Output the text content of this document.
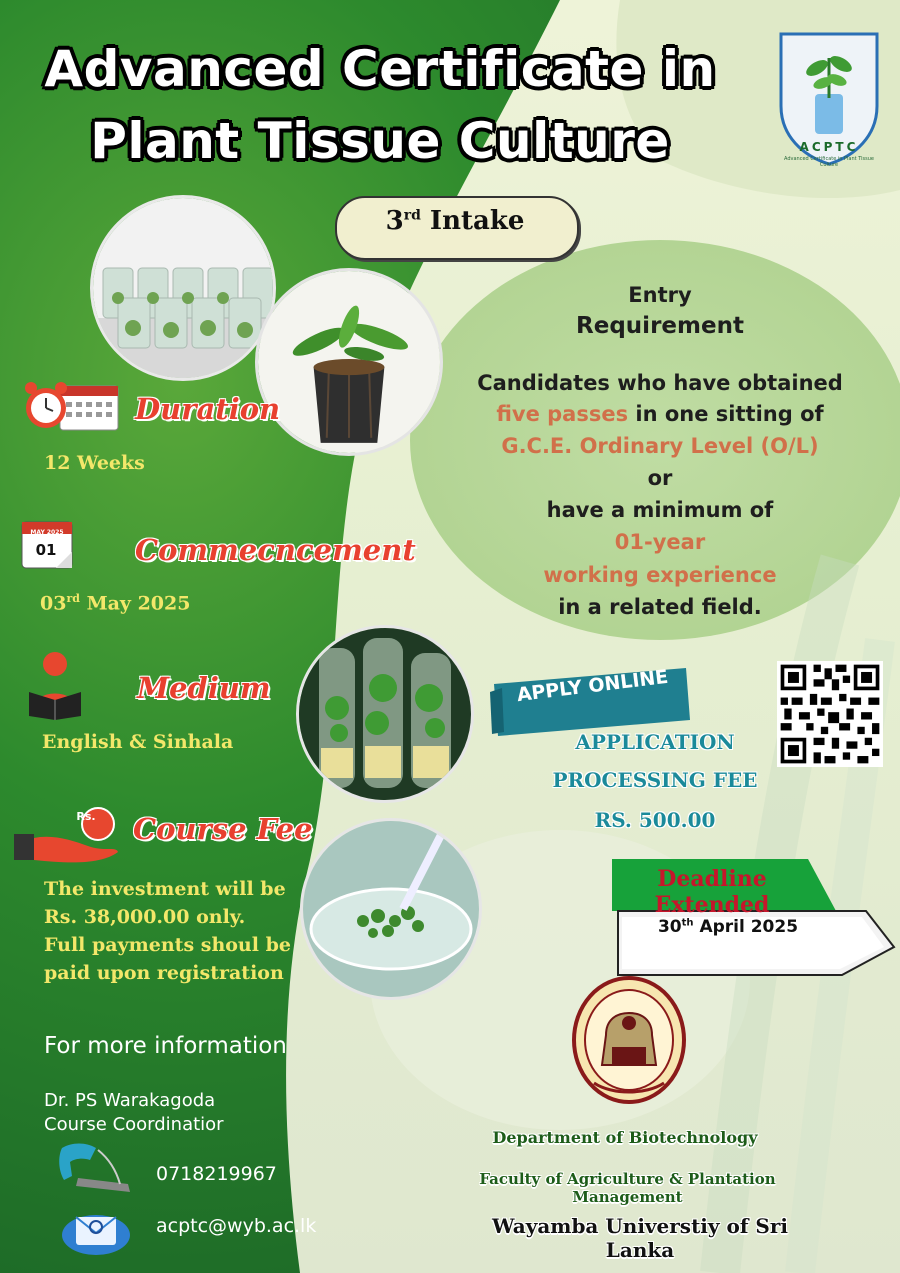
Advanced Certificate in
Plant Tissue Culture	ACPTC
Advanced Certificate in Plant Tissue Culture
3rd Intake
Entry
Requirement
Candidates who have obtained
five passes in one sitting of
G.C.E. Ordinary Level (O/L)
or
have a minimum of
01-year
working experience
in a related field.
Duration
12 Weeks
MAY 2025
01	Commecncement
03rd May 2025
Medium
English & Sinhala
Rs. Course Fee
The investment will be
Rs. 38,000.00 only.
Full payments shoul be
paid upon registration
For more information
Dr. PS Warakagoda
Course Coordinatior
0718219967
acptc@wyb.ac.lk
APPLY ONLINE
APPLICATION
PROCESSING FEE
RS. 500.00
Deadline Extended
30th April 2025
Department of Biotechnology
Faculty of Agriculture & Plantation Management
Wayamba Universtiy of Sri Lanka
